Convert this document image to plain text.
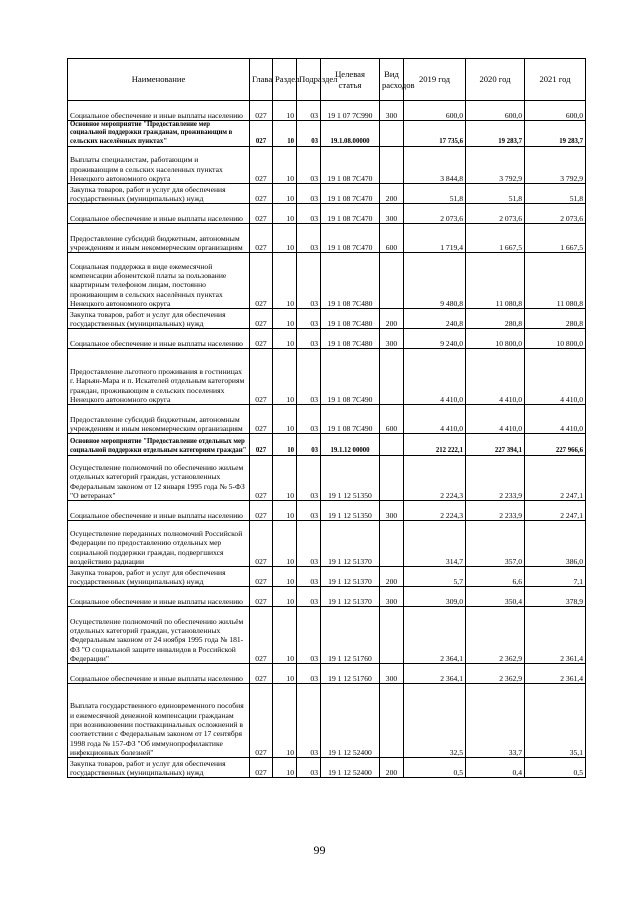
Наименование	Глава	Раздел	Подраздел	Целевая статья	Вид расходов	2019 год	2020 год	2021 год
Социальное обеспечение и иные выплаты населению	027	10	03	19 1 07 7С990	300	600,0	600,0	600,0
Основное мероприятие "Предоставление мер социальной поддержки гражданам, проживающим в сельских населённых пунктах"	027	10	03	19.1.08.00000		17 735,6	19 283,7	19 283,7
Выплаты специалистам, работающим и проживающим в сельских населенных пунктах Ненецкого автономного округа	027	10	03	19 1 08 7С470		3 844,8	3 792,9	3 792,9
Закупка товаров, работ и услуг для обеспечения государственных (муниципальных) нужд	027	10	03	19 1 08 7С470	200	51,8	51,8	51,8
Социальное обеспечение и иные выплаты населению	027	10	03	19 1 08 7С470	300	2 073,6	2 073,6	2 073,6
Предоставление субсидий бюджетным, автономным учреждениям и иным некоммерческим организациям	027	10	03	19 1 08 7С470	600	1 719,4	1 667,5	1 667,5
Социальная поддержка в виде ежемесячной компенсации абонентской платы за пользование квартирным телефоном лицам, постоянно проживающим в сельских населённых пунктах Ненецкого автономного округа	027	10	03	19 1 08 7С480		9 480,8	11 080,8	11 080,8
Закупка товаров, работ и услуг для обеспечения государственных (муниципальных) нужд	027	10	03	19 1 08 7С480	200	240,8	280,8	280,8
Социальное обеспечение и иные выплаты населению	027	10	03	19 1 08 7С480	300	9 240,0	10 800,0	10 800,0
Предоставление льготного проживания в гостиницах г. Нарьян-Мара и п. Искателей отдельным категориям граждан, проживающим в сельских поселениях Ненецкого автономного округа	027	10	03	19 1 08 7С490		4 410,0	4 410,0	4 410,0
Предоставление субсидий бюджетным, автономным учреждениям и иным некоммерческим организациям	027	10	03	19 1 08 7С490	600	4 410,0	4 410,0	4 410,0
Основное мероприятие "Предоставление отдельных мер социальной поддержки отдельным категориям граждан"	027	10	03	19.1.12 00000		212 222,1	227 394,1	227 966,6
Осуществление полномочий по обеспечению жильем отдельных категорий граждан, установленных Федеральным законом от 12 января 1995 года № 5-ФЗ "О ветеранах"	027	10	03	19 1 12 51350		2 224,3	2 233,9	2 247,1
Социальное обеспечение и иные выплаты населению	027	10	03	19 1 12 51350	300	2 224,3	2 233,9	2 247,1
Осуществление переданных полномочий Российской Федерации по предоставлению отдельных мер социальной поддержки граждан, подвергшихся воздействию радиации	027	10	03	19 1 12 51370		314,7	357,0	386,0
Закупка товаров, работ и услуг для обеспечения государственных (муниципальных) нужд	027	10	03	19 1 12 51370	200	5,7	6,6	7,1
Социальное обеспечение и иные выплаты населению	027	10	03	19 1 12 51370	300	309,0	350,4	378,9
Осуществление полномочий по обеспечению жильём отдельных категорий граждан, установленных Федеральным законом от 24 ноября 1995 года № 181-ФЗ "О социальной защите инвалидов в Российской Федерации"	027	10	03	19 1 12 51760		2 364,1	2 362,9	2 361,4
Социальное обеспечение и иные выплаты населению	027	10	03	19 1 12 51760	300	2 364,1	2 362,9	2 361,4
Выплата государственного единовременного пособия и ежемесячной денежной компенсации гражданам при возникновении поствакцинальных осложнений в соответствии с Федеральным законом от 17 сентября 1998 года № 157-ФЗ "Об иммунопрофилактике инфекционных болезней"	027	10	03	19 1 12 52400		32,5	33,7	35,1
Закупка товаров, работ и услуг для обеспечения государственных (муниципальных) нужд	027	10	03	19 1 12 52400	200	0,5	0,4	0,5
99
